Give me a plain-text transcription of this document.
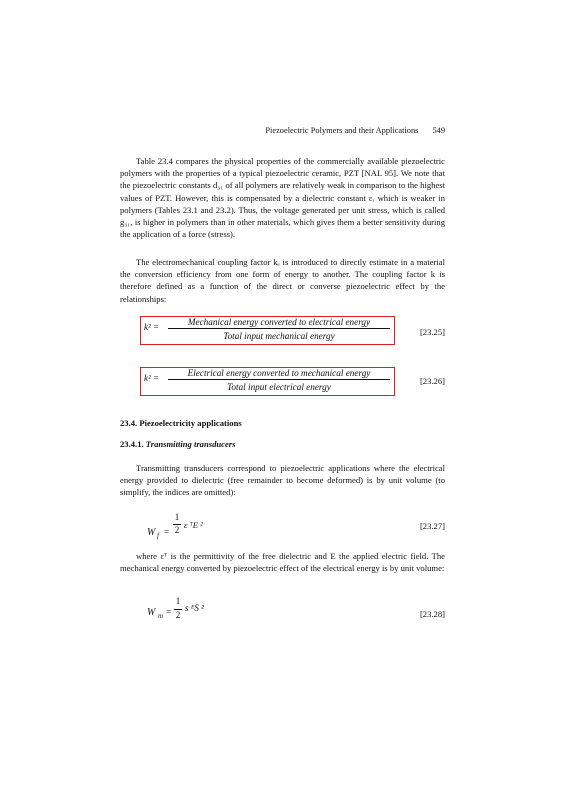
Piezoelectric Polymers and their Applications 549

Table 23.4 compares the physical properties of the commercially available piezoelectric polymers with the properties of a typical piezoelectric ceramic, PZT [NAL 95]. We note that the piezoelectric constants d₃₁ of all polymers are relatively weak in comparison to the highest values of PZT. However, this is compensated by a dielectric constant εᵣ which is weaker in polymers (Tables 23.1 and 23.2). Thus, the voltage generated per unit stress, which is called g₃₁, is higher in polymers than in other materials, which gives them a better sensitivity during the application of a force (stress).

The electromechanical coupling factor kₑ is introduced to directly estimate in a material the conversion efficiency from one form of energy to another. The coupling factor k is therefore defined as a function of the direct or converse piezoelectric effect by the relationships:

k² =	Mechanical energy converted to electrical energy
Total input mechanical energy	[23.25]
k² =	Electrical energy converted to mechanical energy
Total input electrical energy
[23.26]
23.4. Piezoelectricity applications
23.4.1. Transmitting transducers

Transmitting transducers correspond to piezoelectric applications where the electrical energy provided to dielectric (free remainder to become deformed) is by unit volume (to simplify, the indices are omitted):

W f =
1
2 ε ᵀE ²	[23.27]

where εᵀ is the permittivity of the free dielectric and E the applied electric field. The mechanical energy converted by piezoelectric effect of the electrical energy is by unit volume:

W m =
1
2
s ᴱS ²
[23.28]
